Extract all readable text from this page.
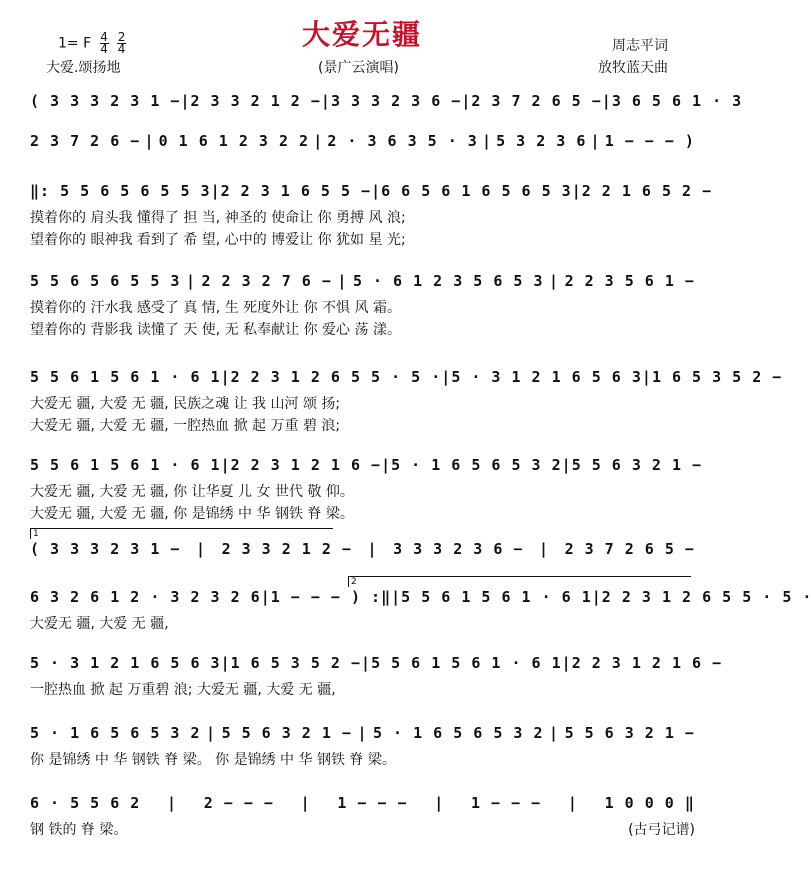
1= F $\frac{4}{4}$
$\frac{2}{4}$	大爱无疆	周志平词
大爱.颂扬地	(景广云演唱)	放牧蓝天曲
( 3 3 3 2 3 1 − | 2 3 3 2 1 2 − | 3 3 3 2 3 6 − | 2 3 7 2 6 5 − | 3 6 5 6 1 · 3
2 3 7 2 6 − | 0 1 6 1 2 3 2 2 | 2 · 3 6 3 5 · 3 | 5 3 2 3 6 | 1 − − − )
‖: 5 5 6 5 6 5 5 3 | 2 2 3 1 6 5 5 − | 6 6 5 6 1 6 5 6 5 3 | 2 2 1 6 5 2 −
摸着你的 肩头我 懂得了 担 当, 神圣的 使命让 你 勇搏 风 浪;
望着你的 眼神我 看到了 希 望, 心中的 博爱让 你 犹如 星 光;
5 5 6 5 6 5 5 3 | 2 2 3 2 7 6 − | 5 · 6 1 2 3 5 6 5 3 | 2 2 3 5 6 1 −
摸着你的 汗水我 感受了 真 情, 生 死度外让 你 不惧 风 霜。
望着你的 背影我 读懂了 天 使, 无 私奉献让 你 爱心 荡 漾。
5 5 6 1 5 6 1 · 6 1 | 2 2 3 1 2 6 5 5 · 5 · | 5 · 3 1 2 1 6 5 6 3 | 1 6 5 3 5 2 −
大爱无 疆, 大爱 无 疆, 民族之魂 让 我 山河 颂 扬;
大爱无 疆, 大爱 无 疆, 一腔热血 掀 起 万重 碧 浪;
5 5 6 1 5 6 1 · 6 1 | 2 2 3 1 2 1 6 − | 5 · 1 6 5 6 5 3 2 | 5 5 6 3 2 1 −
大爱无 疆, 大爱 无 疆, 你 让华夏 儿 女 世代 敬 仰。
大爱无 疆, 大爱 无 疆, 你 是锦绣 中 华 钢铁 脊 梁。
( 3 3 3 2 3 1 − | 2 3 3 2 1 2 − | 3 3 3 2 3 6 − | 2 3 7 2 6 5 −
1
6 3 2 6 1 2 · 3 2 3 2 6 | 1 − − − ) :‖ | 5 5 6 1 5 6 1 · 6 1 | 2 2 3 1 2 6 5 5 · 5 ·
2
大爱无 疆, 大爱 无 疆,
5 · 3 1 2 1 6 5 6 3 | 1 6 5 3 5 2 − | 5 5 6 1 5 6 1 · 6 1 | 2 2 3 1 2 1 6 −
一腔热血 掀 起 万重碧 浪; 大爱无 疆, 大爱 无 疆,
5 · 1 6 5 6 5 3 2 | 5 5 6 3 2 1 − | 5 · 1 6 5 6 5 3 2 | 5 5 6 3 2 1 −
你 是锦绣 中 华 钢铁 脊 梁。 你 是锦绣 中 华 钢铁 脊 梁。
6 · 5 5 6 2 | 2 − − − | 1 − − − | 1 − − − | 1 0 0 0 ‖
钢 铁的 脊 梁。	(古弓记谱)
